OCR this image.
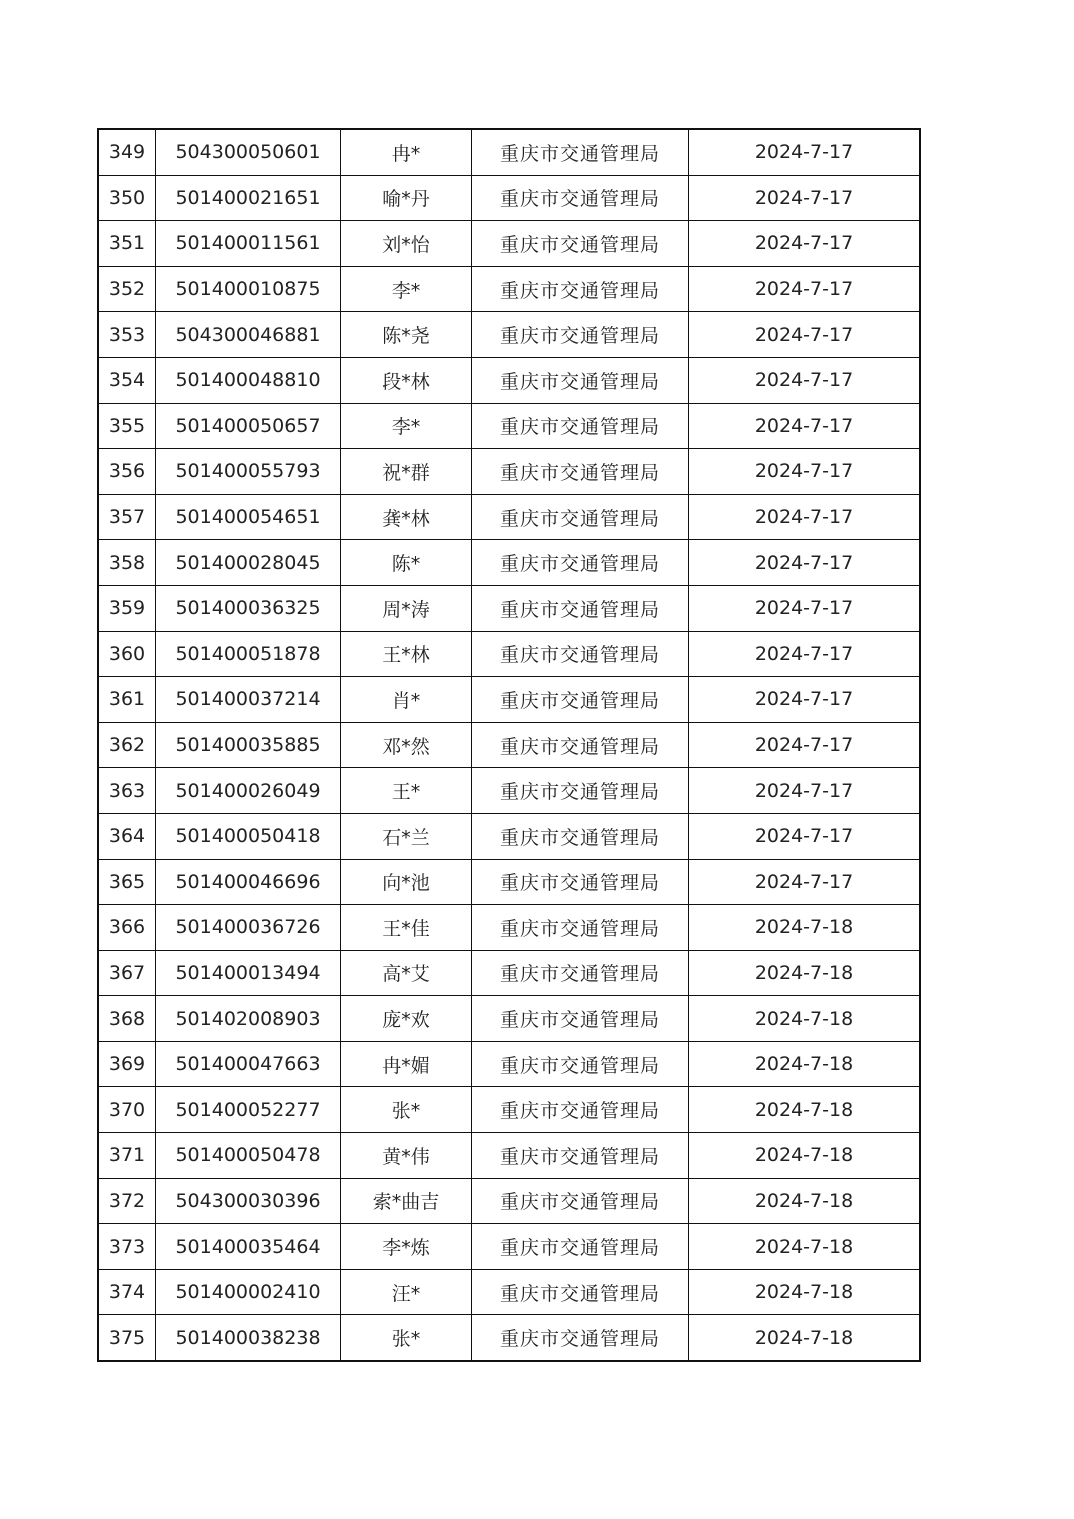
349	504300050601	冉*	重庆市交通管理局	2024-7-17
350	501400021651	喻*丹	重庆市交通管理局	2024-7-17
351	501400011561	刘*怡	重庆市交通管理局	2024-7-17
352	501400010875	李*	重庆市交通管理局	2024-7-17
353	504300046881	陈*尧	重庆市交通管理局	2024-7-17
354	501400048810	段*林	重庆市交通管理局	2024-7-17
355	501400050657	李*	重庆市交通管理局	2024-7-17
356	501400055793	祝*群	重庆市交通管理局	2024-7-17
357	501400054651	龚*林	重庆市交通管理局	2024-7-17
358	501400028045	陈*	重庆市交通管理局	2024-7-17
359	501400036325	周*涛	重庆市交通管理局	2024-7-17
360	501400051878	王*林	重庆市交通管理局	2024-7-17
361	501400037214	肖*	重庆市交通管理局	2024-7-17
362	501400035885	邓*然	重庆市交通管理局	2024-7-17
363	501400026049	王*	重庆市交通管理局	2024-7-17
364	501400050418	石*兰	重庆市交通管理局	2024-7-17
365	501400046696	向*池	重庆市交通管理局	2024-7-17
366	501400036726	王*佳	重庆市交通管理局	2024-7-18
367	501400013494	高*艾	重庆市交通管理局	2024-7-18
368	501402008903	庞*欢	重庆市交通管理局	2024-7-18
369	501400047663	冉*媚	重庆市交通管理局	2024-7-18
370	501400052277	张*	重庆市交通管理局	2024-7-18
371	501400050478	黄*伟	重庆市交通管理局	2024-7-18
372	504300030396	索*曲吉	重庆市交通管理局	2024-7-18
373	501400035464	李*炼	重庆市交通管理局	2024-7-18
374	501400002410	汪*	重庆市交通管理局	2024-7-18
375	501400038238	张*	重庆市交通管理局	2024-7-18
